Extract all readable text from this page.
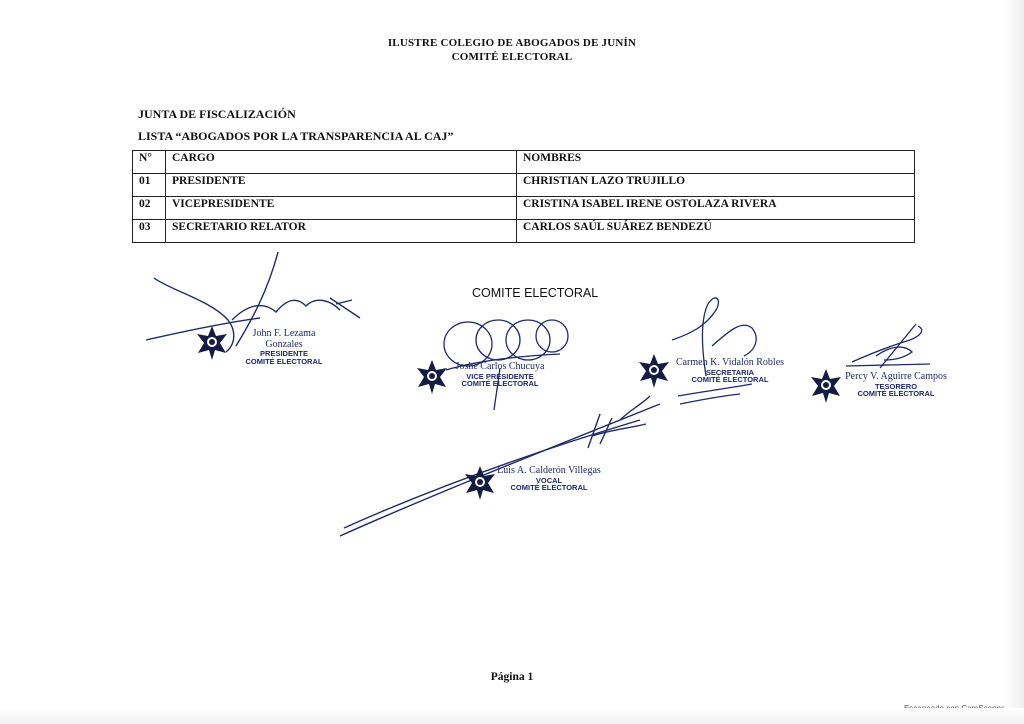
ILUSTRE COLEGIO DE ABOGADOS DE JUNÍN
COMITÉ ELECTORAL
JUNTA DE FISCALIZACIÓN
LISTA “ABOGADOS POR LA TRANSPARENCIA AL CAJ”
N°	CARGO	NOMBRES
01	PRESIDENTE	CHRISTIAN LAZO TRUJILLO
02	VICEPRESIDENTE	CRISTINA ISABEL IRENE OSTOLAZA RIVERA
03	SECRETARIO RELATOR	CARLOS SAÚL SUÁREZ BENDEZÚ
COMITE ELECTORAL
John F. Lezama Gonzales
PRESIDENTE
COMITÉ ELECTORAL	Joshe Carlos Chucuya
VICE PRESIDENTE
COMITÉ ELECTORAL
Carmen K. Vidalón Robles
SECRETARIA
COMITÉ ELECTORAL	Percy V. Aguirre Campos
TESORERO
COMITÉ ELECTORAL
Luis A. Calderón Villegas
VOCAL
COMITÉ ELECTORAL
Página 1
